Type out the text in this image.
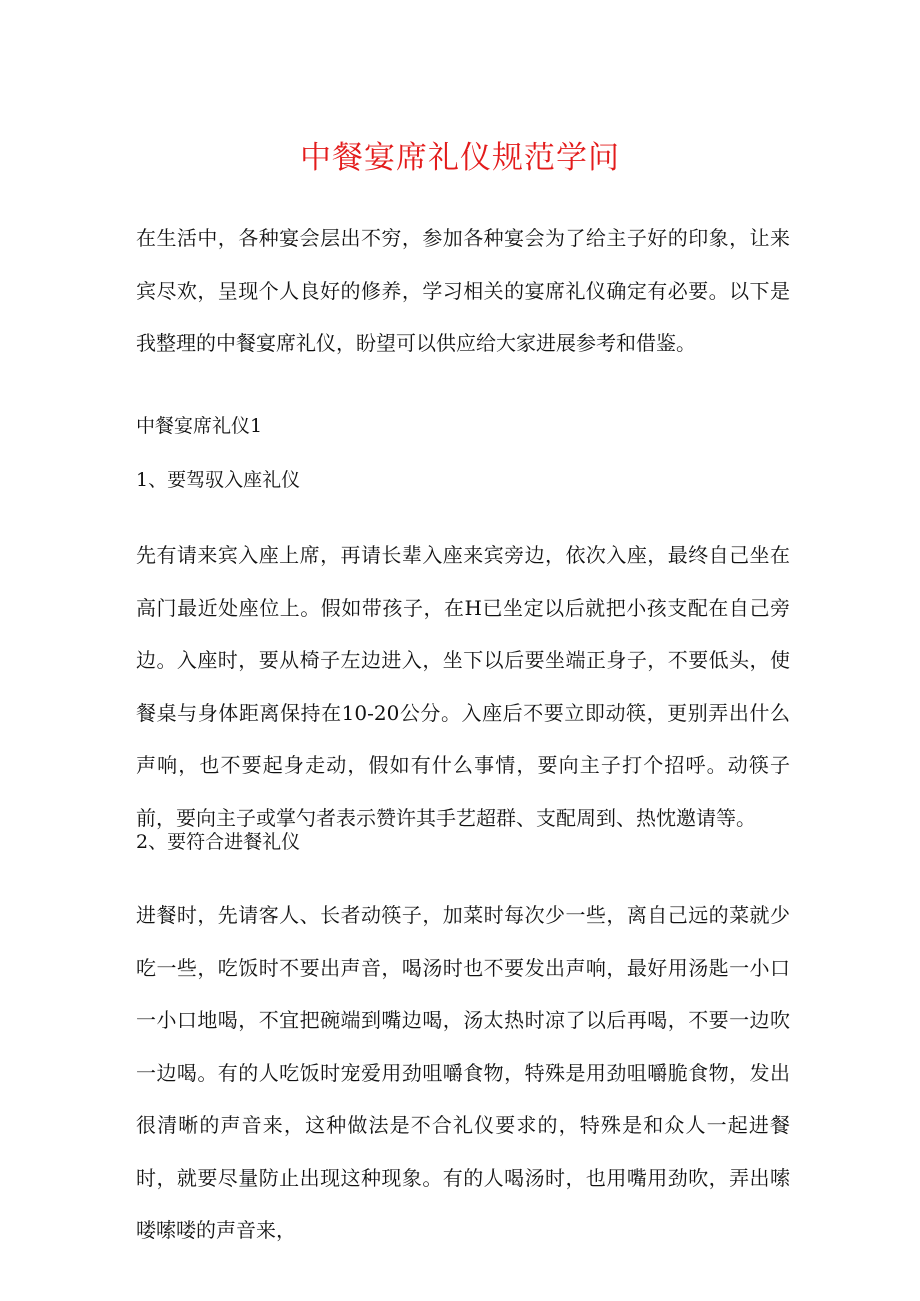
中餐宴席礼仪规范学问

在生活中，各种宴会层出不穷，参加各种宴会为了给主子好的印象，让来宾尽欢，呈现个人良好的修养，学习相关的宴席礼仪确定有必要。以下是我整理的中餐宴席礼仪，盼望可以供应给大家进展参考和借鉴。

中餐宴席礼仪1
1、要驾驭入座礼仪

先有请来宾入座上席，再请长辈入座来宾旁边，依次入座，最终自己坐在高门最近处座位上。假如带孩子，在H已坐定以后就把小孩支配在自己旁边。入座时，要从椅子左边进入，坐下以后要坐端正身子，不要低头，使餐桌与身体距离保持在10-20公分。入座后不要立即动筷，更别弄出什么声响，也不要起身走动，假如有什么事情，要向主子打个招呼。动筷子前，要向主子或掌勺者表示赞许其手艺超群、支配周到、热忱邀请等。

2、要符合进餐礼仪

进餐时，先请客人、长者动筷子，加菜时每次少一些，离自己远的菜就少吃一些，吃饭时不要出声音，喝汤时也不要发出声响，最好用汤匙一小口一小口地喝，不宜把碗端到嘴边喝，汤太热时凉了以后再喝，不要一边吹一边喝。有的人吃饭时宠爱用劲咀嚼食物，特殊是用劲咀嚼脆食物，发出很清晰的声音来，这种做法是不合礼仪要求的，特殊是和众人一起进餐时，就要尽量防止出现这种现象。有的人喝汤时，也用嘴用劲吹，弄出嗦喽嗦喽的声音来，
